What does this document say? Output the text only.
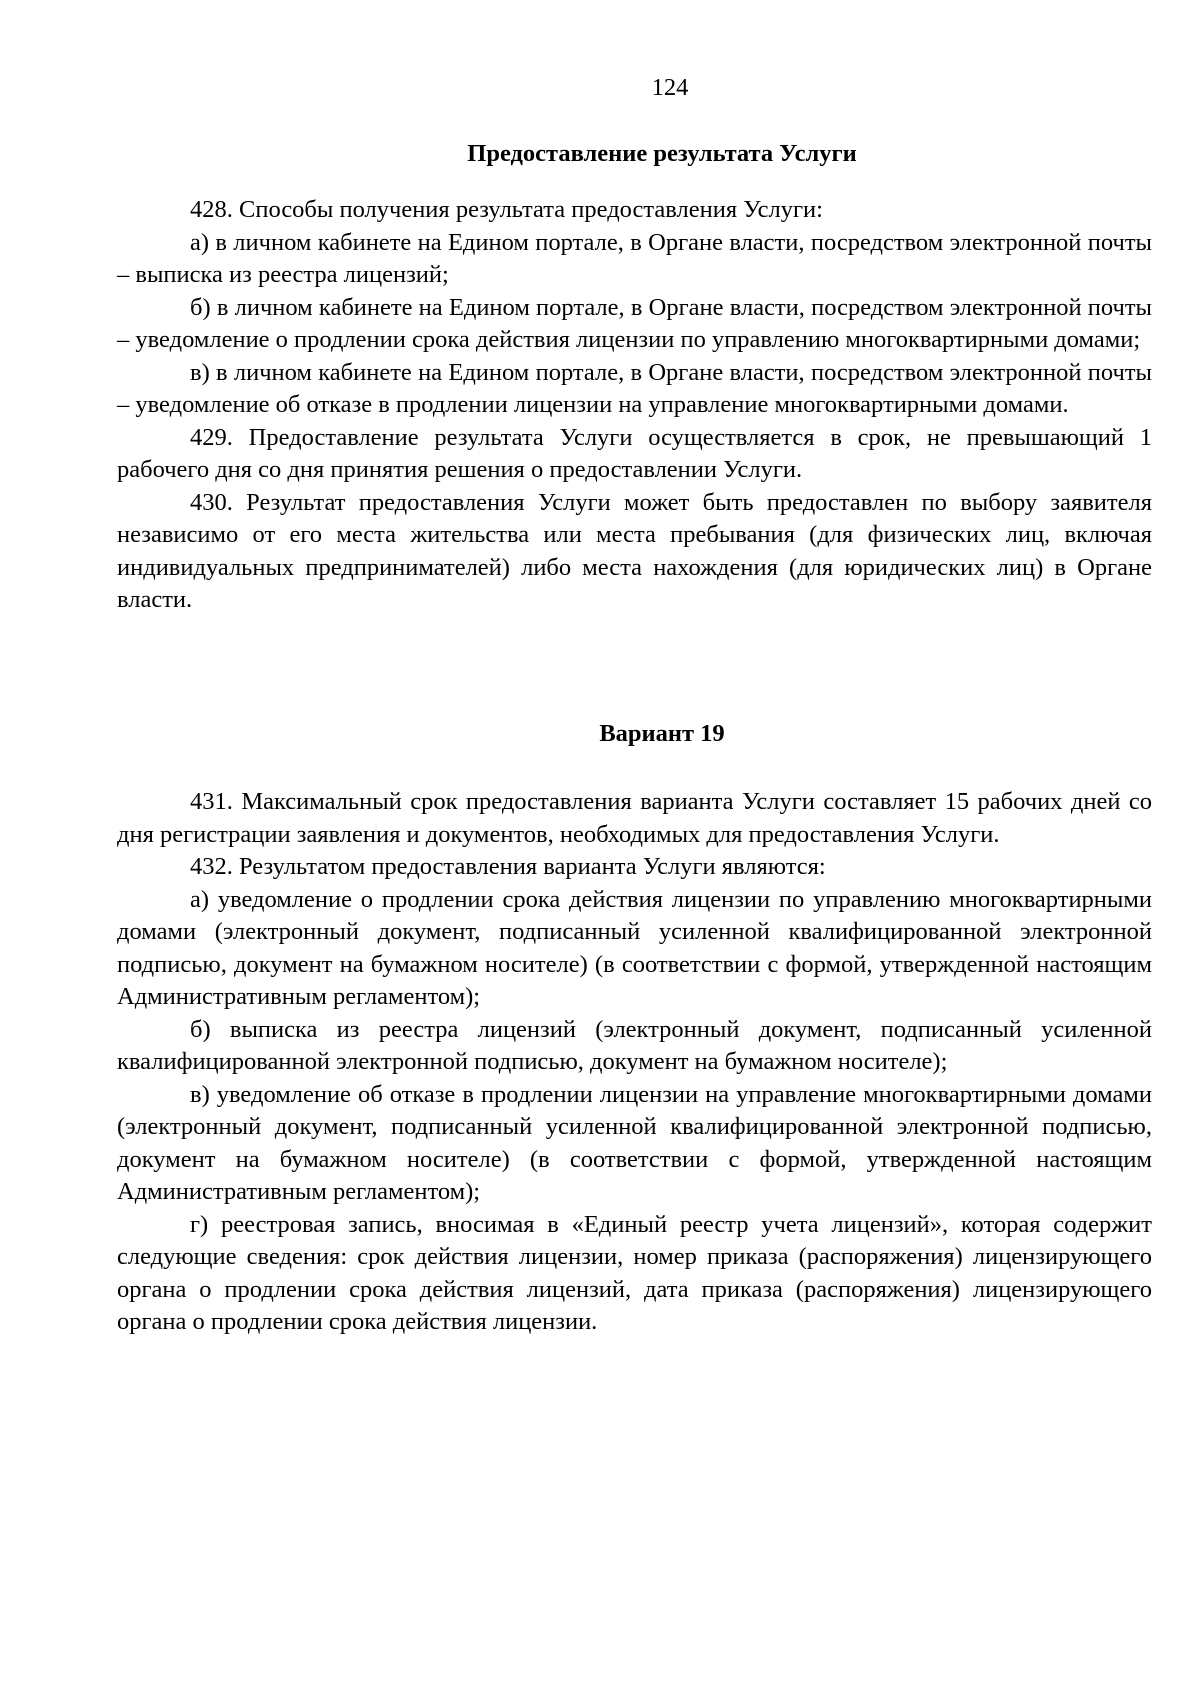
124
Предоставление результата Услуги

428. Способы получения результата предоставления Услуги:

а) в личном кабинете на Едином портале, в Органе власти, посредством электронной почты – выписка из реестра лицензий;

б) в личном кабинете на Едином портале, в Органе власти, посредством электронной почты – уведомление о продлении срока действия лицензии по управлению многоквартирными домами;

в) в личном кабинете на Едином портале, в Органе власти, посредством электронной почты – уведомление об отказе в продлении лицензии на управление многоквартирными домами.

429. Предоставление результата Услуги осуществляется в срок, не превышающий 1 рабочего дня со дня принятия решения о предоставлении Услуги.

430. Результат предоставления Услуги может быть предоставлен по выбору заявителя независимо от его места жительства или места пребывания (для физических лиц, включая индивидуальных предпринимателей) либо места нахождения (для юридических лиц) в Органе власти.

Вариант 19

431. Максимальный срок предоставления варианта Услуги составляет 15 рабочих дней со дня регистрации заявления и документов, необходимых для предоставления Услуги.

432. Результатом предоставления варианта Услуги являются:

а) уведомление о продлении срока действия лицензии по управлению многоквартирными домами (электронный документ, подписанный усиленной квалифицированной электронной подписью, документ на бумажном носителе) (в соответствии с формой, утвержденной настоящим Административным регламентом);

б) выписка из реестра лицензий (электронный документ, подписанный усиленной квалифицированной электронной подписью, документ на бумажном носителе);

в) уведомление об отказе в продлении лицензии на управление многоквартирными домами (электронный документ, подписанный усиленной квалифицированной электронной подписью, документ на бумажном носителе) (в соответствии с формой, утвержденной настоящим Административным регламентом);

г) реестровая запись, вносимая в «Единый реестр учета лицензий», которая содержит следующие сведения: срок действия лицензии, номер приказа (распоряжения) лицензирующего органа о продлении срока действия лицензий, дата приказа (распоряжения) лицензирующего органа о продлении срока действия лицензии.
